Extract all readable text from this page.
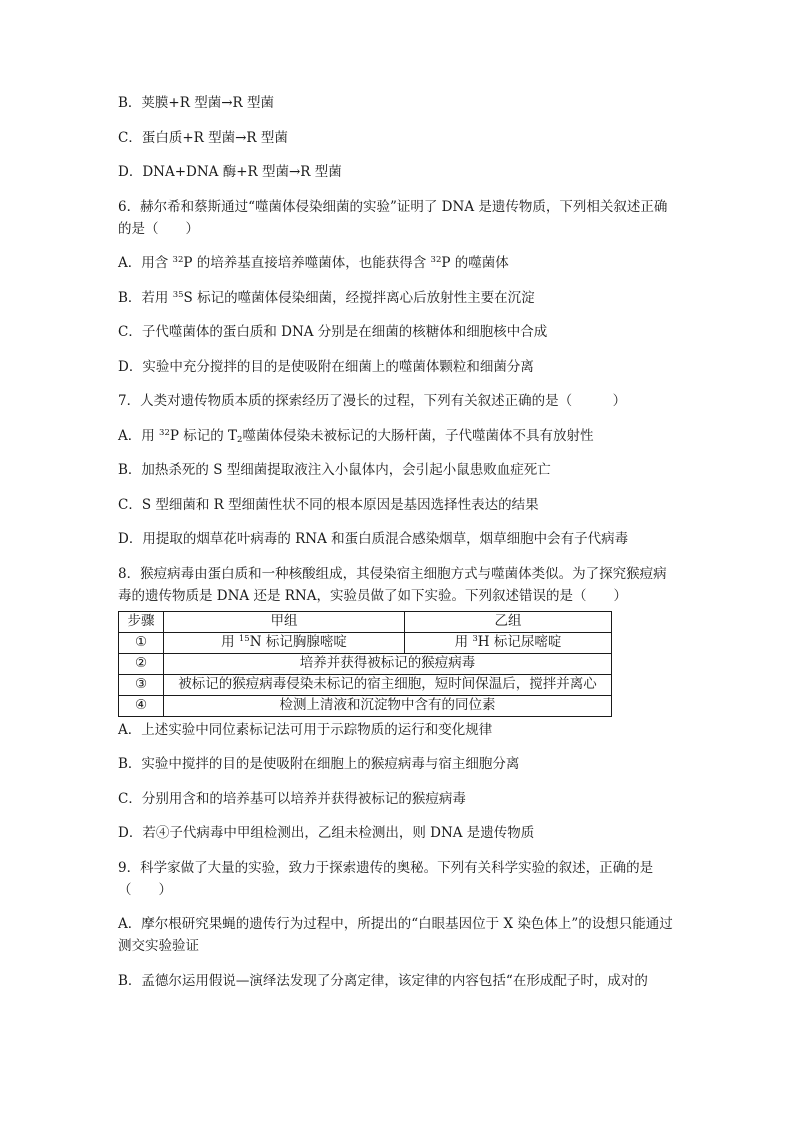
B．荚膜+R 型菌→R 型菌
C．蛋白质+R 型菌→R 型菌
D．DNA+DNA 酶+R 型菌→R 型菌
6．赫尔希和蔡斯通过“噬菌体侵染细菌的实验”证明了 DNA 是遗传物质，下列相关叙述正确的是（　　）
A．用含 $^{32}$P 的培养基直接培养噬菌体，也能获得含 $^{32}$P 的噬菌体
B．若用 $^{35}$S 标记的噬菌体侵染细菌，经搅拌离心后放射性主要在沉淀
C．子代噬菌体的蛋白质和 DNA 分别是在细菌的核糖体和细胞核中合成
D．实验中充分搅拌的目的是使吸附在细菌上的噬菌体颗粒和细菌分离
7．人类对遗传物质本质的探索经历了漫长的过程，下列有关叙述正确的是（　　　）
A．用 $^{32}$P 标记的 $T_2$噬菌体侵染未被标记的大肠杆菌，子代噬菌体不具有放射性
B．加热杀死的 S 型细菌提取液注入小鼠体内，会引起小鼠患败血症死亡
C．S 型细菌和 R 型细菌性状不同的根本原因是基因选择性表达的结果
D．用提取的烟草花叶病毒的 RNA 和蛋白质混合感染烟草，烟草细胞中会有子代病毒
8．猴痘病毒由蛋白质和一种核酸组成，其侵染宿主细胞方式与噬菌体类似。为了探究猴痘病毒的遗传物质是 DNA 还是 RNA，实验员做了如下实验。下列叙述错误的是（　　）
步骤	甲组	乙组
①	用 $^{15}$N 标记胸腺嘧啶	用 $^3$H 标记尿嘧啶
②	培养并获得被标记的猴痘病毒	
③	被标记的猴痘病毒侵染未标记的宿主细胞，短时间保温后，搅拌并离心	
④	检测上清液和沉淀物中含有的同位素	
A．上述实验中同位素标记法可用于示踪物质的运行和变化规律
B．实验中搅拌的目的是使吸附在细胞上的猴痘病毒与宿主细胞分离
C．分别用含和的培养基可以培养并获得被标记的猴痘病毒
D．若④子代病毒中甲组检测出，乙组未检测出，则 DNA 是遗传物质
9．科学家做了大量的实验，致力于探索遗传的奥秘。下列有关科学实验的叙述，正确的是（　　）
A．摩尔根研究果蝇的遗传行为过程中，所提出的“白眼基因位于 X 染色体上”的设想只能通过测交实验验证
B．孟德尔运用假说—演绎法发现了分离定律，该定律的内容包括“在形成配子时，成对的
